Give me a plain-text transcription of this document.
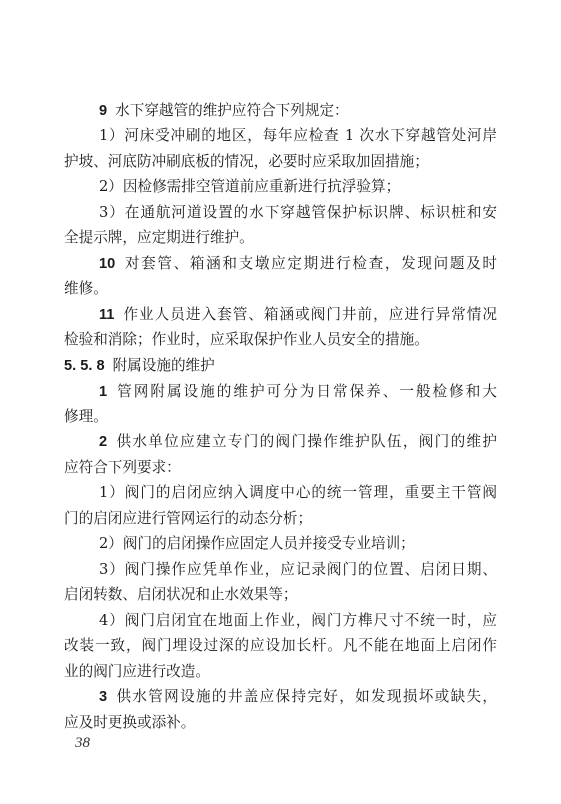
9 水下穿越管的维护应符合下列规定：
1）河床受冲刷的地区，每年应检查 1 次水下穿越管处河岸
护坡、河底防冲刷底板的情况，必要时应采取加固措施；
2）因检修需排空管道前应重新进行抗浮验算；
3）在通航河道设置的水下穿越管保护标识牌、标识桩和安
全提示牌，应定期进行维护。
10 对套管、箱涵和支墩应定期进行检查，发现问题及时
维修。
11 作业人员进入套管、箱涵或阀门井前，应进行异常情况
检验和消除；作业时，应采取保护作业人员安全的措施。
5. 5. 8 附属设施的维护
1 管网附属设施的维护可分为日常保养、一般检修和大
修理。
2 供水单位应建立专门的阀门操作维护队伍，阀门的维护
应符合下列要求：
1）阀门的启闭应纳入调度中心的统一管理，重要主干管阀
门的启闭应进行管网运行的动态分析；
2）阀门的启闭操作应固定人员并接受专业培训；
3）阀门操作应凭单作业，应记录阀门的位置、启闭日期、
启闭转数、启闭状况和止水效果等；
4）阀门启闭宜在地面上作业，阀门方榫尺寸不统一时，应
改装一致，阀门埋设过深的应设加长杆。凡不能在地面上启闭作
业的阀门应进行改造。
3 供水管网设施的井盖应保持完好，如发现损坏或缺失，
应及时更换或添补。
38
